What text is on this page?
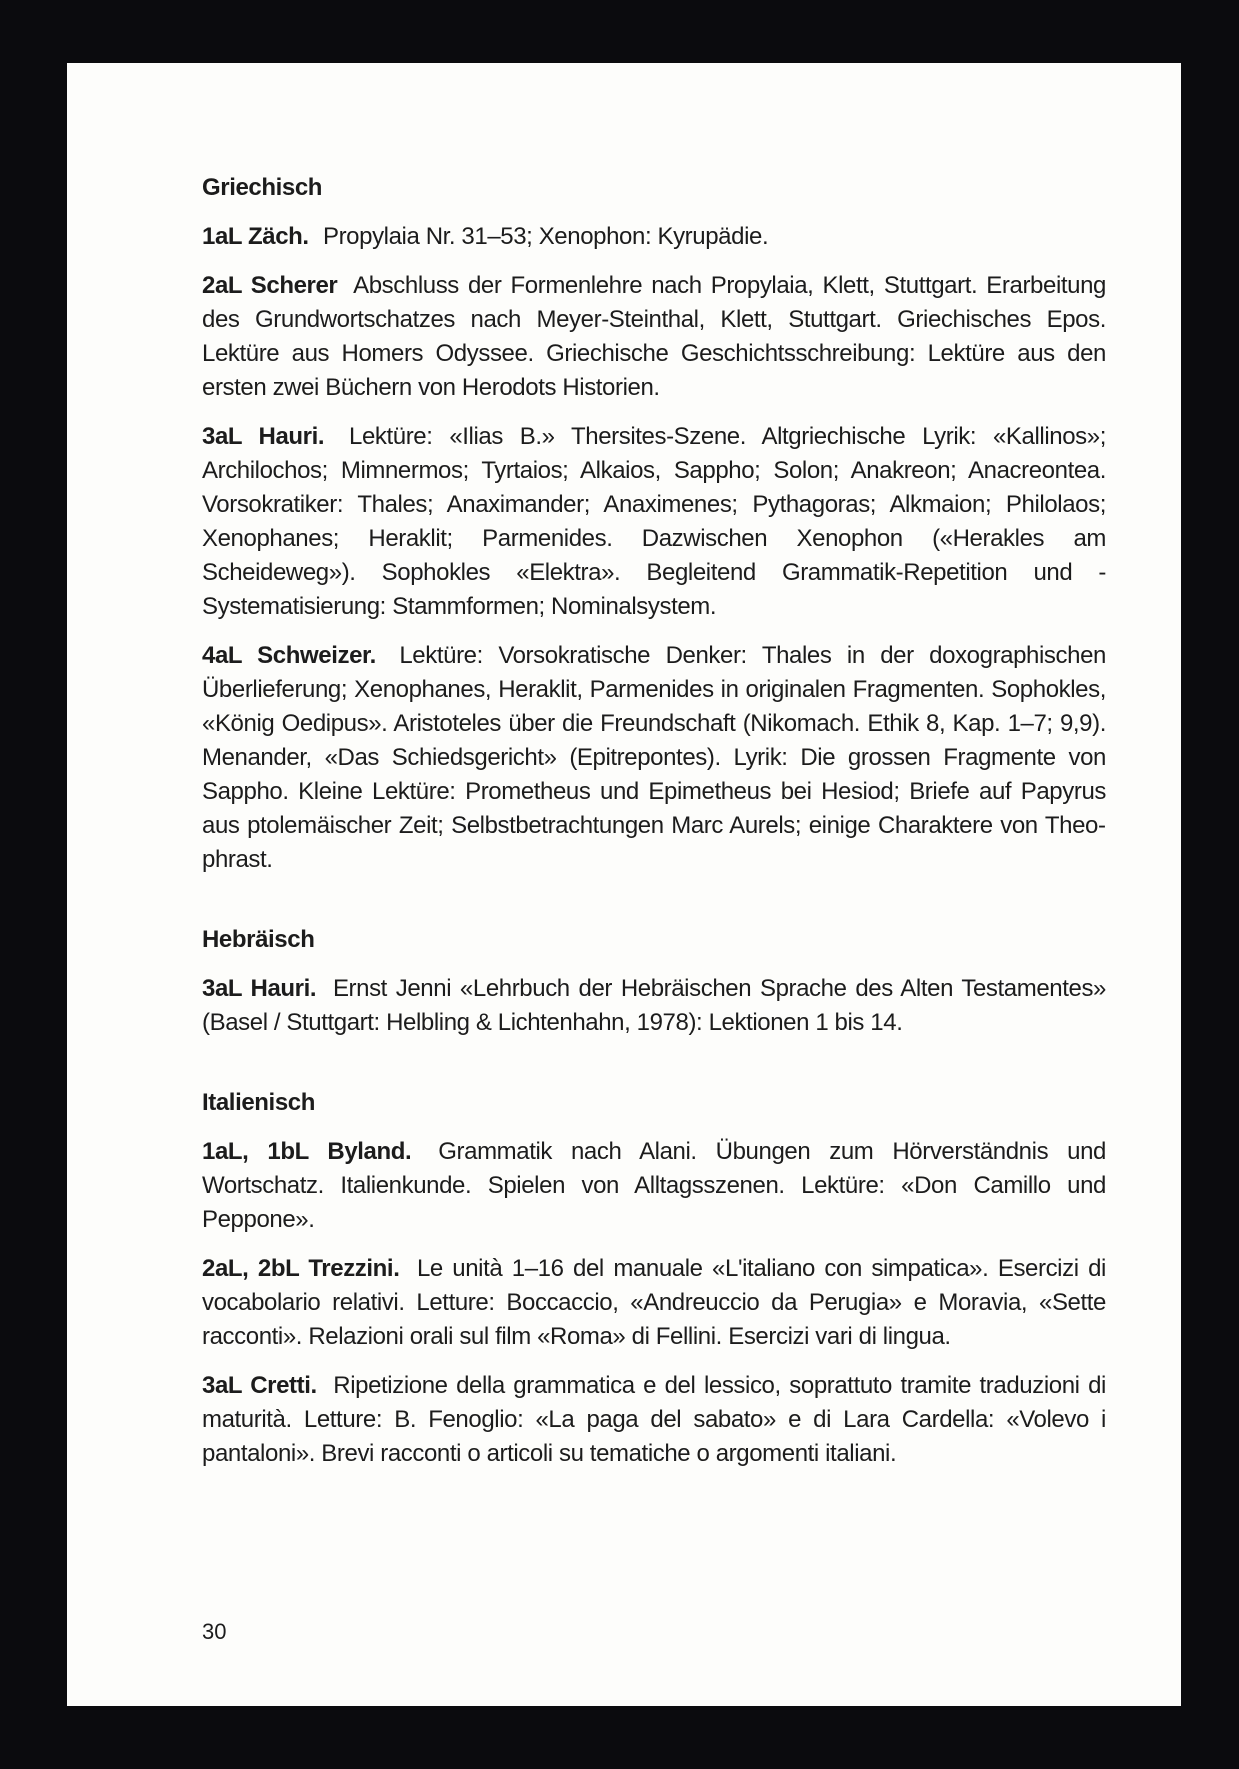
Griechisch

1aL Zäch. Propylaia Nr. 31–53; Xenophon: Kyrupädie.

2aL Scherer Abschluss der Formenlehre nach Propylaia, Klett, Stuttgart. Erarbeitung des Grundwortschatzes nach Meyer-Steinthal, Klett, Stuttgart. Griechisches Epos. Lektüre aus Homers Odyssee. Griechische Geschichtsschreibung: Lektüre aus den ersten zwei Büchern von Herodots Historien.

3aL Hauri. Lektüre: «Ilias B.» Thersites-Szene. Altgriechische Lyrik: «Kallinos»; Archilochos; Mimnermos; Tyrtaios; Alkaios, Sappho; Solon; Anakreon; Anacreontea. Vorsokratiker: Thales; Anaximander; Anaximenes; Pythagoras; Alkmaion; Philolaos; Xenophanes; Heraklit; Parmenides. Dazwischen Xenophon («Herakles am Scheideweg»). Sophokles «Elektra». Begleitend Grammatik-Repetition und -Systematisierung: Stammformen; Nominalsystem.

4aL Schweizer. Lektüre: Vorsokratische Denker: Thales in der doxographischen Überlieferung; Xenophanes, Heraklit, Parmenides in originalen Fragmenten. Sophokles, «König Oedipus». Aristoteles über die Freundschaft (Nikomach. Ethik 8, Kap. 1–7; 9,9). Menander, «Das Schiedsgericht» (Epitrepontes). Lyrik: Die grossen Fragmente von Sappho. Kleine Lektüre: Prometheus und Epimetheus bei Hesiod; Briefe auf Papyrus aus ptolemäischer Zeit; Selbstbetrachtungen Marc Aurels; einige Charaktere von Theophrast.

Hebräisch

3aL Hauri. Ernst Jenni «Lehrbuch der Hebräischen Sprache des Alten Testamentes» (Basel / Stuttgart: Helbling & Lichtenhahn, 1978): Lektionen 1 bis 14.

Italienisch

1aL, 1bL Byland. Grammatik nach Alani. Übungen zum Hörverständnis und Wortschatz. Italienkunde. Spielen von Alltagsszenen. Lektüre: «Don Camillo und Peppone».

2aL, 2bL Trezzini. Le unità 1–16 del manuale «L'italiano con simpatica». Esercizi di vocabolario relativi. Letture: Boccaccio, «Andreuccio da Perugia» e Moravia, «Sette racconti». Relazioni orali sul film «Roma» di Fellini. Esercizi vari di lingua.

3aL Cretti. Ripetizione della grammatica e del lessico, soprattuto tramite traduzioni di maturità. Letture: B. Fenoglio: «La paga del sabato» e di Lara Cardella: «Volevo i pantaloni». Brevi racconti o articoli su tematiche o argomenti italiani.

30
